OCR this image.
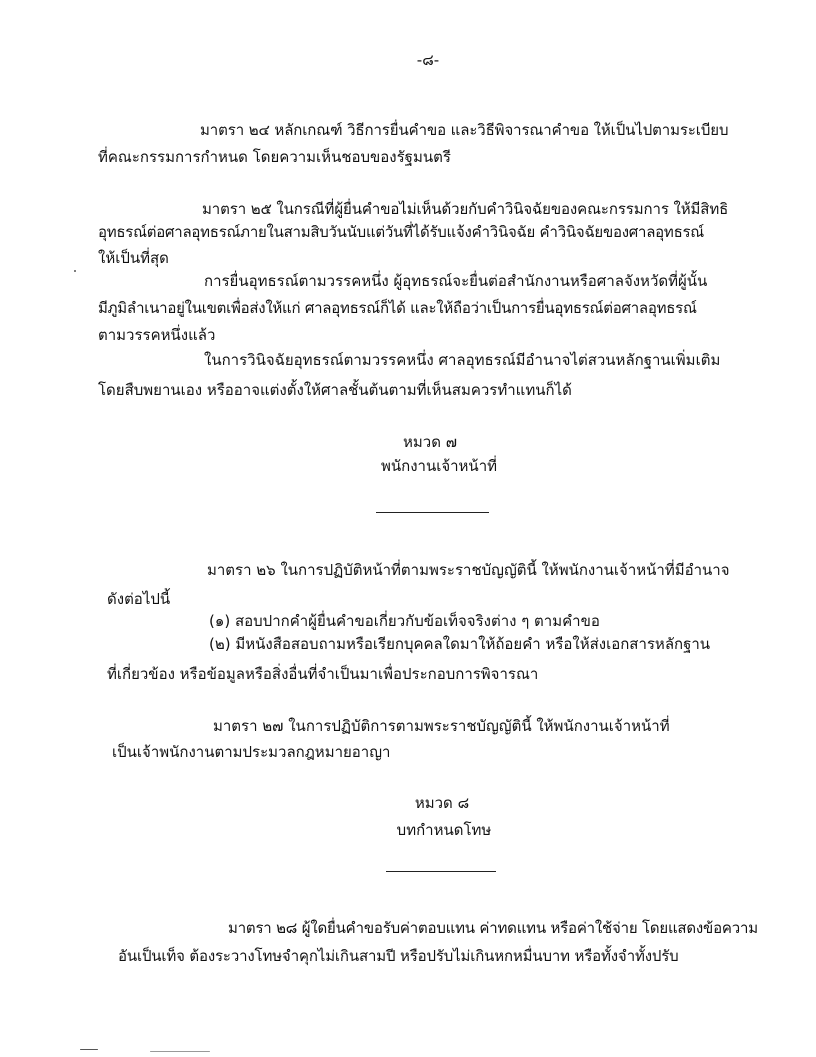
-๘-
มาตรา ๒๔ หลักเกณฑ์ วิธีการยื่นคำขอ และวิธีพิจารณาคำขอ ให้เป็นไปตามระเบียบ
ที่คณะกรรมการกำหนด โดยความเห็นชอบของรัฐมนตรี
มาตรา ๒๕ ในกรณีที่ผู้ยื่นคำขอไม่เห็นด้วยกับคำวินิจฉัยของคณะกรรมการ ให้มีสิทธิ
อุทธรณ์ต่อศาลอุทธรณ์ภายในสามสิบวันนับแต่วันที่ได้รับแจ้งคำวินิจฉัย คำวินิจฉัยของศาลอุทธรณ์
ให้เป็นที่สุด
การยื่นอุทธรณ์ตามวรรคหนึ่ง ผู้อุทธรณ์จะยื่นต่อสำนักงานหรือศาลจังหวัดที่ผู้นั้น
มีภูมิลำเนาอยู่ในเขตเพื่อส่งให้แก่ ศาลอุทธรณ์ก็ได้ และให้ถือว่าเป็นการยื่นอุทธรณ์ต่อศาลอุทธรณ์
ตามวรรคหนึ่งแล้ว
ในการวินิจฉัยอุทธรณ์ตามวรรคหนึ่ง ศาลอุทธรณ์มีอำนาจไต่สวนหลักฐานเพิ่มเติม
โดยสืบพยานเอง หรืออาจแต่งตั้งให้ศาลชั้นต้นตามที่เห็นสมควรทำแทนก็ได้
หมวด ๗
พนักงานเจ้าหน้าที่
มาตรา ๒๖ ในการปฏิบัติหน้าที่ตามพระราชบัญญัตินี้ ให้พนักงานเจ้าหน้าที่มีอำนาจ
ดังต่อไปนี้
(๑) สอบปากคำผู้ยื่นคำขอเกี่ยวกับข้อเท็จจริงต่าง ๆ ตามคำขอ
(๒) มีหนังสือสอบถามหรือเรียกบุคคลใดมาให้ถ้อยคำ หรือให้ส่งเอกสารหลักฐาน
ที่เกี่ยวข้อง หรือข้อมูลหรือสิ่งอื่นที่จำเป็นมาเพื่อประกอบการพิจารณา
มาตรา ๒๗ ในการปฏิบัติการตามพระราชบัญญัตินี้ ให้พนักงานเจ้าหน้าที่
เป็นเจ้าพนักงานตามประมวลกฎหมายอาญา
หมวด ๘
บทกำหนดโทษ
มาตรา ๒๘ ผู้ใดยื่นคำขอรับค่าตอบแทน ค่าทดแทน หรือค่าใช้จ่าย โดยแสดงข้อความ
อันเป็นเท็จ ต้องระวางโทษจำคุกไม่เกินสามปี หรือปรับไม่เกินหกหมื่นบาท หรือทั้งจำทั้งปรับ
